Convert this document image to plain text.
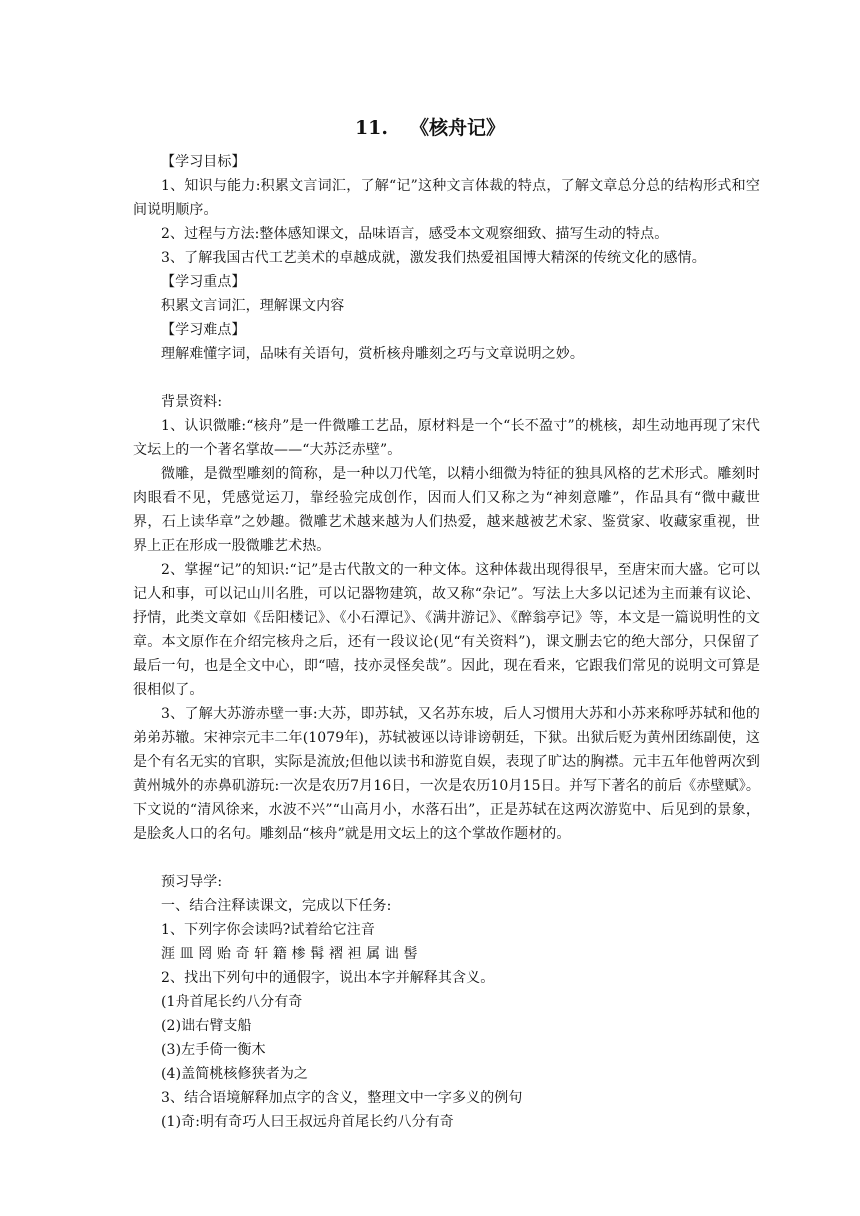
11. 《核舟记》

【学习目标】

1、知识与能力:积累文言词汇，了解“记”这种文言体裁的特点，了解文章总分总的结构形式和空间说明顺序。

2、过程与方法:整体感知课文，品味语言，感受本文观察细致、描写生动的特点。

3、了解我国古代工艺美术的卓越成就，激发我们热爱祖国博大精深的传统文化的感情。

【学习重点】

积累文言词汇，理解课文内容

【学习难点】

理解难懂字词，品味有关语句，赏析核舟雕刻之巧与文章说明之妙。

背景资料:

1、认识微雕:“核舟”是一件微雕工艺品，原材料是一个“长不盈寸”的桃核，却生动地再现了宋代文坛上的一个著名掌故——“大苏泛赤壁”。

微雕，是微型雕刻的简称，是一种以刀代笔，以精小细微为特征的独具风格的艺术形式。雕刻时肉眼看不见，凭感觉运刀，靠经验完成创作，因而人们又称之为“神刻意雕”，作品具有“微中藏世界，石上读华章”之妙趣。微雕艺术越来越为人们热爱，越来越被艺术家、鉴赏家、收藏家重视，世界上正在形成一股微雕艺术热。

2、掌握“记”的知识:“记”是古代散文的一种文体。这种体裁出现得很早，至唐宋而大盛。它可以记人和事，可以记山川名胜，可以记器物建筑，故又称“杂记”。写法上大多以记述为主而兼有议论、抒情，此类文章如《岳阳楼记》、《小石潭记》、《满井游记》、《醉翁亭记》等，本文是一篇说明性的文章。本文原作在介绍完核舟之后，还有一段议论(见“有关资料”)，课文删去它的绝大部分，只保留了最后一句，也是全文中心，即“嘻，技亦灵怪矣哉”。因此，现在看来，它跟我们常见的说明文可算是很相似了。

3、了解大苏游赤壁一事:大苏，即苏轼，又名苏东坡，后人习惯用大苏和小苏来称呼苏轼和他的弟弟苏辙。宋神宗元丰二年(1079年)，苏轼被诬以诗诽谤朝廷，下狱。出狱后贬为黄州团练副使，这是个有名无实的官职，实际是流放;但他以读书和游览自娱，表现了旷达的胸襟。元丰五年他曾两次到黄州城外的赤鼻矶游玩:一次是农历7月16日，一次是农历10月15日。并写下著名的前后《赤壁赋》。下文说的“清风徐来，水波不兴”“山高月小，水落石出”，正是苏轼在这两次游览中、后见到的景象，是脍炙人口的名句。雕刻品“核舟”就是用文坛上的这个掌故作题材的。

预习导学:

一、结合注释读课文，完成以下任务:

1、下列字你会读吗?试着给它注音

涯 皿 罔 贻 奇 轩 籍 椮 髯 褶 袒 属 诎 髻

2、找出下列句中的通假字，说出本字并解释其含义。

(1舟首尾长约八分有奇

(2)诎右臂支船

(3)左手倚一衡木

(4)盖简桃核修狭者为之

3、结合语境解释加点字的含义，整理文中一字多义的例句

(1)奇:明有奇巧人曰王叔远舟首尾长约八分有奇
